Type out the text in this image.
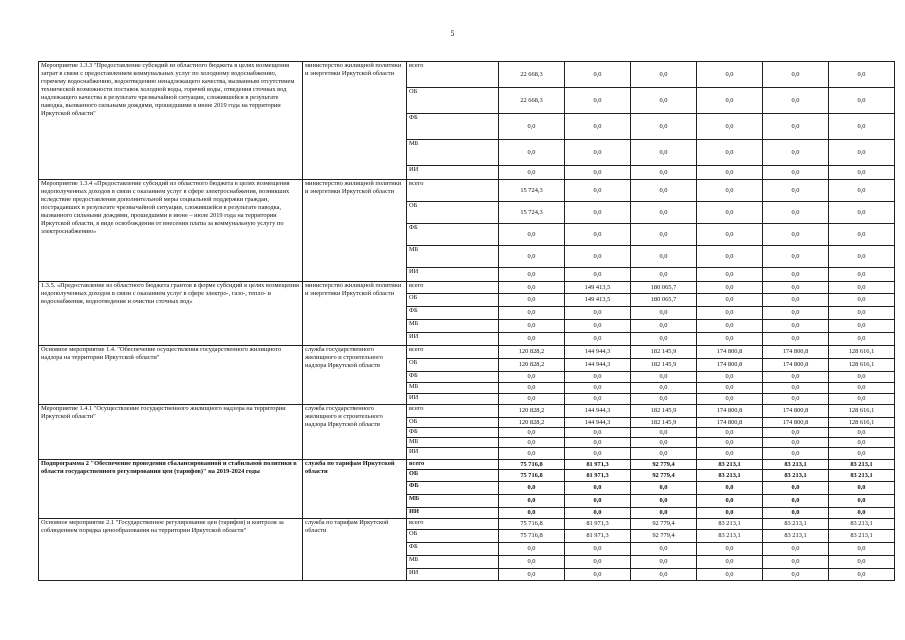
5
Мероприятие 1.3.3 "Предоставление субсидий из областного бюджета в целях возмещения затрат в связи с предоставлением коммунальных услуг по холодному водоснабжению, горячему водоснабжению, водоотведению ненадлежащего качества, вызванным отсутствием технической возможности поставок холодной воды, горячей воды, отведения сточных вод надлежащего качества в результате чрезвычайной ситуации, сложившейся в результате паводка, вызванного сильными дождями, прошедшими в июне 2019 года на территории Иркутской области"	министерство жилищной политики и энергетики Иркутской области	всего	22 668,3	0,0	0,0	0,0	0,0	0,0
		ОБ	22 668,3	0,0	0,0	0,0	0,0	0,0
		ФБ	0,0	0,0	0,0	0,0	0,0	0,0
		МБ	0,0	0,0	0,0	0,0	0,0	0,0
		ИИ	0,0	0,0	0,0	0,0	0,0	0,0
Мероприятие 1.3.4 «Предоставление субсидий из областного бюджета в целях возмещения недополученных доходов в связи с оказанием услуг в сфере электроснабжения, возникших вследствие предоставления дополнительной меры социальной поддержки граждан, пострадавших в результате чрезвычайной ситуации, сложившейся в результате паводка, вызванного сильными дождями, прошедшими в июне – июле 2019 года на территории Иркутской области, в виде освобождения от внесения платы за коммунальную услугу по электроснабжению»	министерство жилищной политики и энергетики Иркутской области	всего	15 724,3	0,0	0,0	0,0	0,0	0,0
		ОБ	15 724,3	0,0	0,0	0,0	0,0	0,0
		ФБ	0,0	0,0	0,0	0,0	0,0	0,0
		МБ	0,0	0,0	0,0	0,0	0,0	0,0
		ИИ	0,0	0,0	0,0	0,0	0,0	0,0
1.3.5. «Предоставление из областного бюджета грантов в форме субсидий в целях возмещения недополученных доходов в связи с оказанием услуг в сфере электро-, газо-, тепло- и водоснабжения, водоотведения и очистки сточных вод»	министерство жилищной политики и энергетики Иркутской области	всего	0,0	149 413,5	180 065,7	0,0	0,0	0,0
		ОБ	0,0	149 413,5	180 065,7	0,0	0,0	0,0
		ФБ	0,0	0,0	0,0	0,0	0,0	0,0
		МБ	0,0	0,0	0,0	0,0	0,0	0,0
		ИИ	0,0	0,0	0,0	0,0	0,0	0,0
Основное мероприятие 1.4. "Обеспечение осуществления государственного жилищного надзора на территории Иркутской области"	служба государственного жилищного и строительного надзора Иркутской области	всего	120 828,2	144 944,3	182 145,9	174 800,8	174 800,8	128 616,1
		ОБ	120 828,2	144 944,3	182 145,9	174 800,8	174 800,8	128 616,1
		ФБ	0,0	0,0	0,0	0,0	0,0	0,0
		МБ	0,0	0,0	0,0	0,0	0,0	0,0
		ИИ	0,0	0,0	0,0	0,0	0,0	0,0
Мероприятие 1.4.1 "Осуществление государственного жилищного надзора на территории Иркутской области"	служба государственного жилищного и строительного надзора Иркутской области	всего	120 828,2	144 944,3	182 145,9	174 800,8	174 800,8	128 616,1
		ОБ	120 828,2	144 944,3	182 145,9	174 800,8	174 800,8	128 616,1
		ФБ	0,0	0,0	0,0	0,0	0,0	0,0
		МБ	0,0	0,0	0,0	0,0	0,0	0,0
		ИИ	0,0	0,0	0,0	0,0	0,0	0,0
Подпрограмма 2 "Обеспечение проведения сбалансированной и стабильной политики в области государственного регулирования цен (тарифов)" на 2019-2024 годы	служба по тарифам Иркутской области	всего	75 716,8	81 971,3	92 779,4	83 213,1	83 213,1	83 213,1
		ОБ	75 716,8	81 971,3	92 779,4	83 213,1	83 213,1	83 213,1
		ФБ	0,0	0,0	0,0	0,0	0,0	0,0
		МБ	0,0	0,0	0,0	0,0	0,0	0,0
		ИИ	0,0	0,0	0,0	0,0	0,0	0,0
Основное мероприятие 2.1 "Государственное регулирование цен (тарифов) и контроля за соблюдением порядка ценообразования на территории Иркутской области"	служба по тарифам Иркутской области	всего	75 716,8	81 971,3	92 779,4	83 213,1	83 213,1	83 213,1
		ОБ	75 716,8	81 971,3	92 779,4	83 213,1	83 213,1	83 213,1
		ФБ	0,0	0,0	0,0	0,0	0,0	0,0
		МБ	0,0	0,0	0,0	0,0	0,0	0,0
		ИИ	0,0	0,0	0,0	0,0	0,0	0,0
